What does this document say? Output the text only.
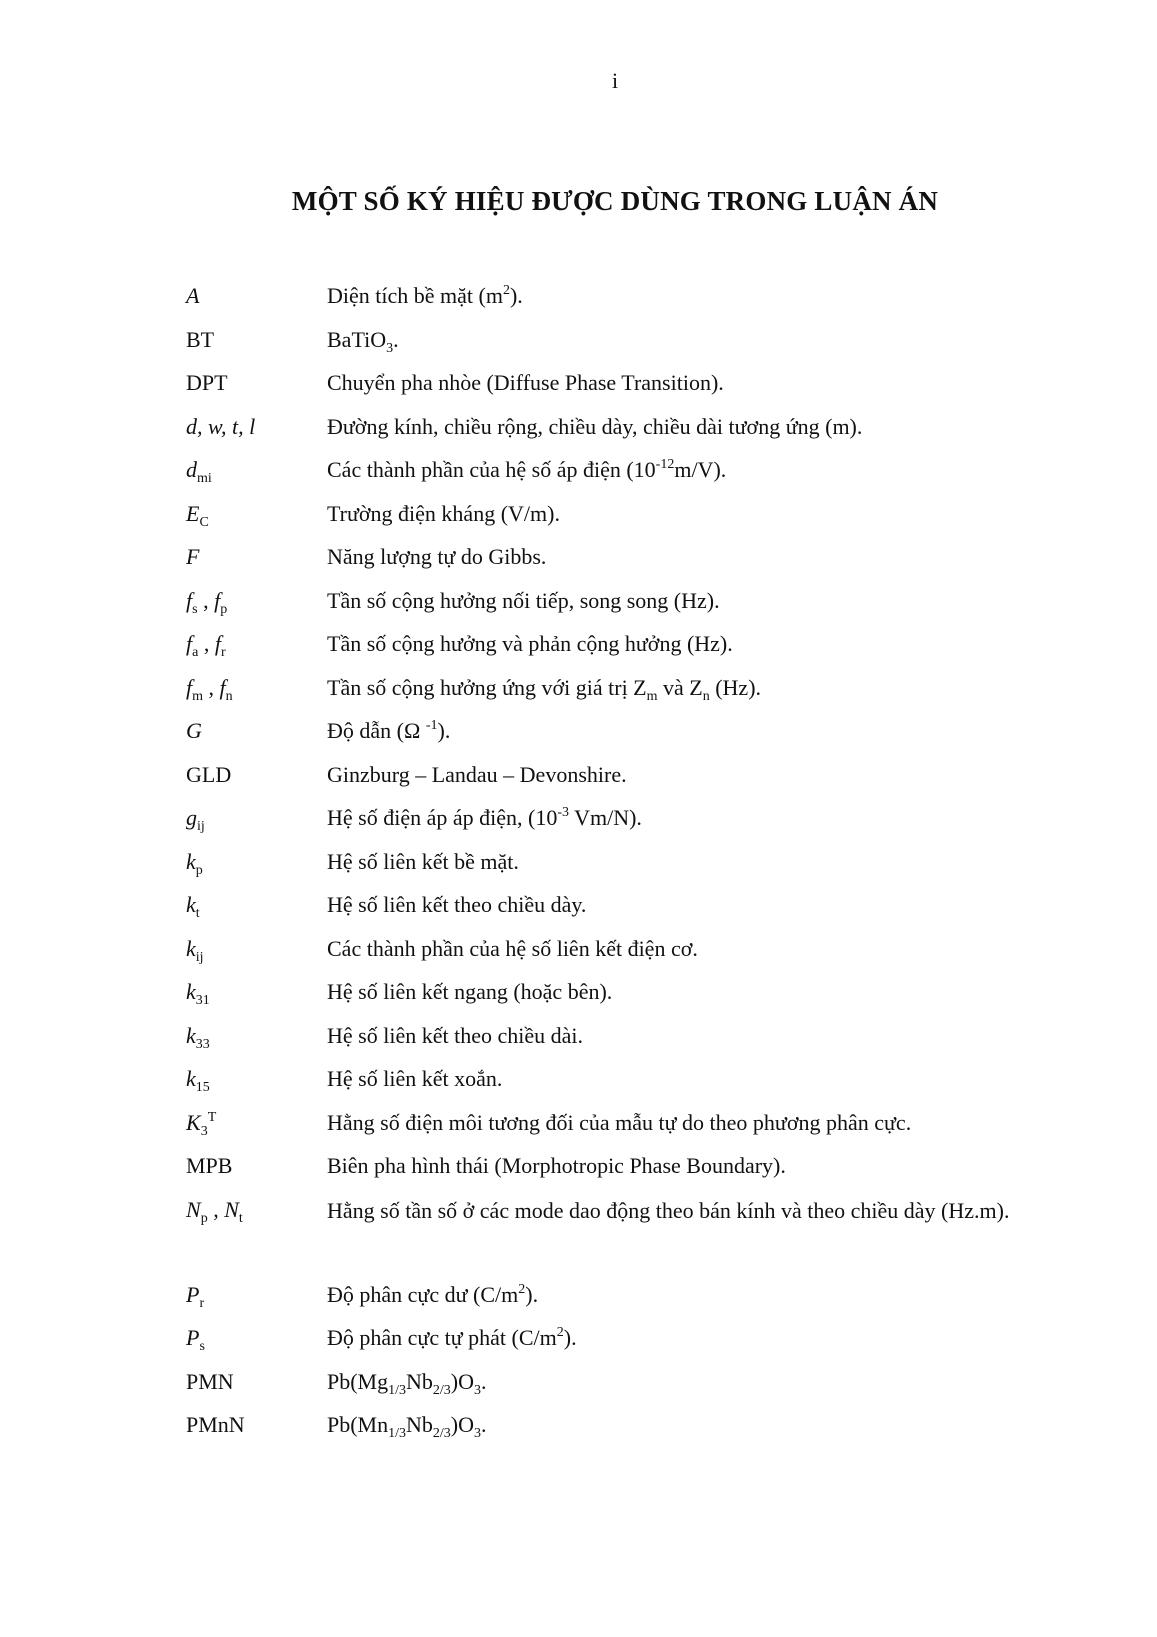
i
MỘT SỐ KÝ HIỆU ĐƯỢC DÙNG TRONG LUẬN ÁN
A	Diện tích bề mặt $(m^2)$.
BT	BaTiO$_3$.
DPT	Chuyển pha nhòe (Diffuse Phase Transition).
d, w, t, l	Đường kính, chiều rộng, chiều dày, chiều dài tương ứng (m).
$d_{mi}$	Các thành phần của hệ số áp điện $(10^{-12}m/V)$.
$E_C$	Trường điện kháng (V/m).
F	Năng lượng tự do Gibbs.
$f_s$ , $f_p$	Tần số cộng hưởng nối tiếp, song song (Hz).
$f_a$ , $f_r$	Tần số cộng hưởng và phản cộng hưởng (Hz).
$f_m$ , $f_n$	Tần số cộng hưởng ứng với giá trị $Z_m$ và $Z_n$ (Hz).
G	Độ dẫn (Ω $^{-1}$).
GLD	Ginzburg – Landau – Devonshire.
$g_{ij}$	Hệ số điện áp áp điện, ($10^{-3}$ Vm/N).
$k_p$	Hệ số liên kết bề mặt.
$k_t$	Hệ số liên kết theo chiều dày.
$k_{ij}$	Các thành phần của hệ số liên kết điện cơ.
$k_{31}$	Hệ số liên kết ngang (hoặc bên).
$k_{33}$	Hệ số liên kết theo chiều dài.
$k_{15}$	Hệ số liên kết xoắn.
$K_3^T$	Hằng số điện môi tương đối của mẫu tự do theo phương phân cực.
MPB	Biên pha hình thái (Morphotropic Phase Boundary).
$N_p$ , $N_t$	Hằng số tần số ở các mode dao động theo bán kính và theo chiều dày (Hz.m).
$P_r$	Độ phân cực dư $(C/m^2)$.
$P_s$	Độ phân cực tự phát $(C/m^2)$.
PMN	$Pb(Mg_{1/3}Nb_{2/3})O_3$.
PMnN	$Pb(Mn_{1/3}Nb_{2/3})O_3$.
